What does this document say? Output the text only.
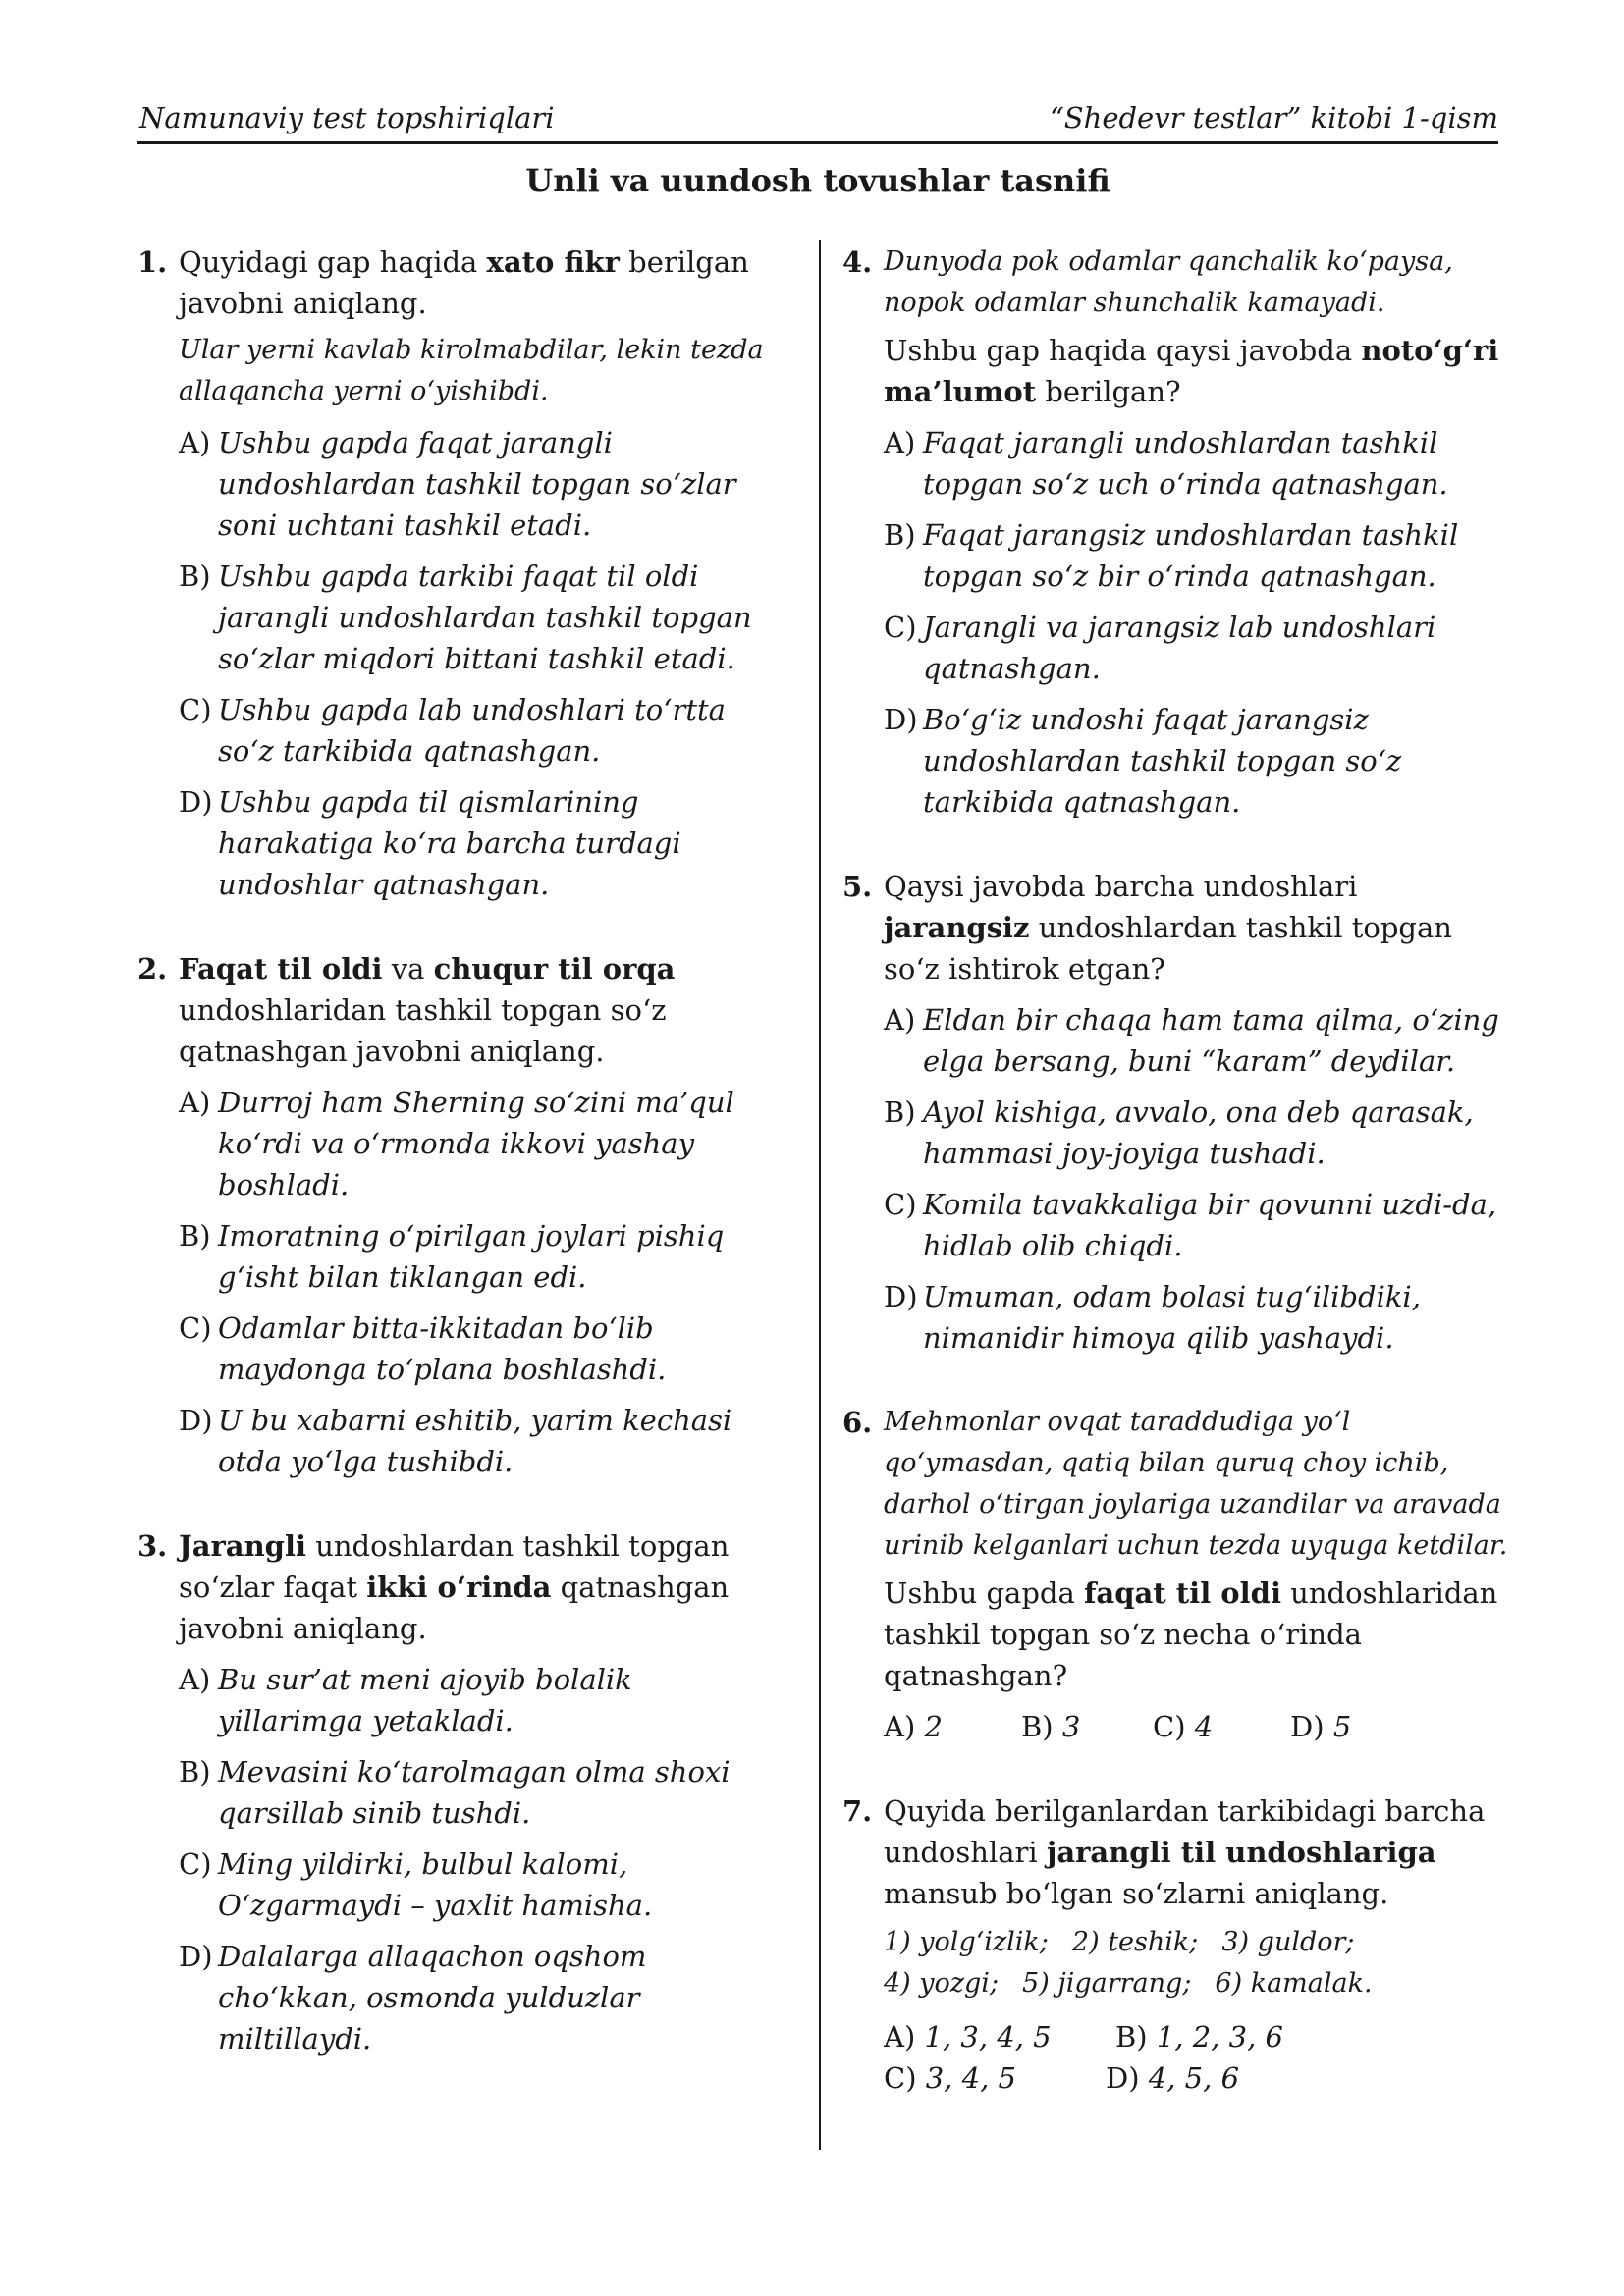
Namunaviy test topshiriqlari	“Shedevr testlar” kitobi 1-qism
Unli va uundosh tovushlar tasnifi
1. Quyidagi gap haqida xato fikr berilgan javobni aniqlang.
Ular yerni kavlab kirolmabdilar, lekin tezda allaqancha yerni o‘yishibdi.
A) Ushbu gapda faqat jarangli undoshlardan tashkil topgan so‘zlar soni uchtani tashkil etadi.
B) Ushbu gapda tarkibi faqat til oldi jarangli undoshlardan tashkil topgan so‘zlar miqdori bittani tashkil etadi.
C) Ushbu gapda lab undoshlari to‘rtta so‘z tarkibida qatnashgan.
D) Ushbu gapda til qismlarining harakatiga ko‘ra barcha turdagi undoshlar qatnashgan.
2. Faqat til oldi va chuqur til orqa undoshlaridan tashkil topgan so‘z qatnashgan javobni aniqlang.
A) Durroj ham Sherning so‘zini ma’qul ko‘rdi va o‘rmonda ikkovi yashay boshladi.
B) Imoratning o‘pirilgan joylari pishiq g‘isht bilan tiklangan edi.
C) Odamlar bitta-ikkitadan bo‘lib maydonga to‘plana boshlashdi.
D) U bu xabarni eshitib, yarim kechasi otda yo‘lga tushibdi.
3. Jarangli undoshlardan tashkil topgan so‘zlar faqat ikki o‘rinda qatnashgan javobni aniqlang.
A) Bu sur’at meni ajoyib bolalik yillarimga yetakladi.
B) Mevasini ko‘tarolmagan olma shoxi qarsillab sinib tushdi.
C) Ming yildirki, bulbul kalomi, O‘zgarmaydi – yaxlit hamisha.
D) Dalalarga allaqachon oqshom cho‘kkan, osmonda yulduzlar miltillaydi.
4. Dunyoda pok odamlar qanchalik ko‘paysa, nopok odamlar shunchalik kamayadi.
Ushbu gap haqida qaysi javobda noto‘g‘ri ma’lumot berilgan?
A) Faqat jarangli undoshlardan tashkil topgan so‘z uch o‘rinda qatnashgan.
B) Faqat jarangsiz undoshlardan tashkil topgan so‘z bir o‘rinda qatnashgan.
C) Jarangli va jarangsiz lab undoshlari qatnashgan.
D) Bo‘g‘iz undoshi faqat jarangsiz undoshlardan tashkil topgan so‘z tarkibida qatnashgan.
5. Qaysi javobda barcha undoshlari jarangsiz undoshlardan tashkil topgan so‘z ishtirok etgan?
A) Eldan bir chaqa ham tama qilma, o‘zing elga bersang, buni “karam” deydilar.
B) Ayol kishiga, avvalo, ona deb qarasak, hammasi joy-joyiga tushadi.
C) Komila tavakkaliga bir qovunni uzdi-da, hidlab olib chiqdi.
D) Umuman, odam bolasi tug‘ilibdiki, nimanidir himoya qilib yashaydi.
6. Mehmonlar ovqat taraddudiga yo‘l qo‘ymasdan, qatiq bilan quruq choy ichib, darhol o‘tirgan joylariga uzandilar va aravada urinib kelganlari uchun tezda uyquga ketdilar.
Ushbu gapda faqat til oldi undoshlaridan tashkil topgan so‘z necha o‘rinda qatnashgan?
A) 2	B) 3	C) 4	D) 5
7. Quyida berilganlardan tarkibidagi barcha undoshlari jarangli til undoshlariga mansub bo‘lgan so‘zlarni aniqlang.
1) yolg‘izlik; 2) teshik; 3) guldor;
4) yozgi; 5) jigarrang; 6) kamalak.
A) 1, 3, 4, 5 B) 1, 2, 3, 6
C) 3, 4, 5	D) 4, 5, 6
